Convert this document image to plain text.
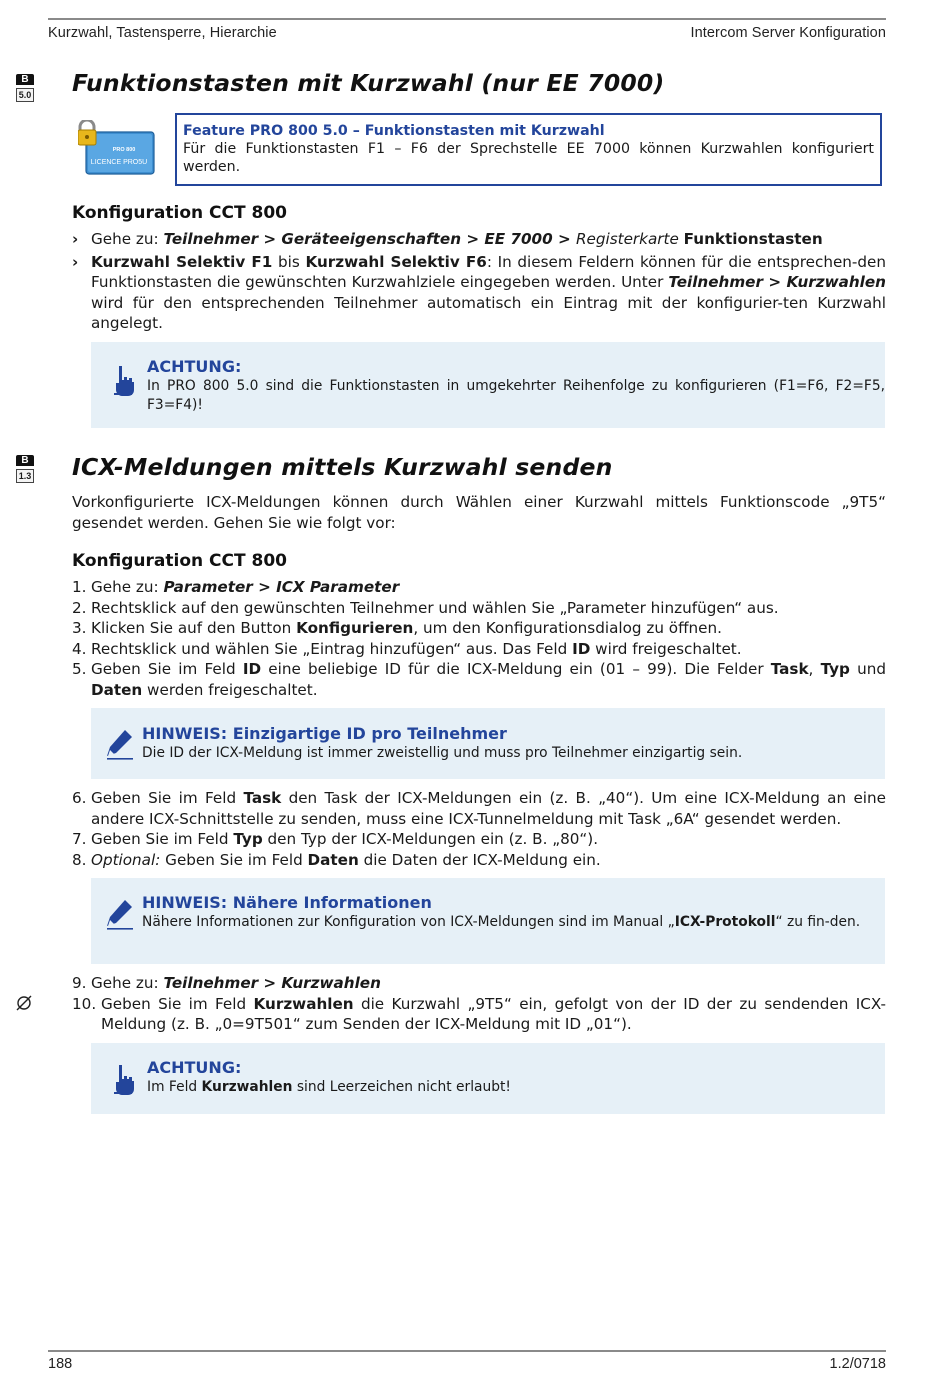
Kurzwahl, Tastensperre, Hierarchie	Intercom Server Konfiguration
B
5.0 Funktionstasten mit Kurzwahl (nur EE 7000)
PRO 800
LICENCE PRO5U
Feature PRO 800 5.0 – Funktionstasten mit Kurzwahl
Für die Funktionstasten F1 – F6 der Sprechstelle EE 7000 können Kurzwahlen konfiguriert werden.
Konfiguration CCT 800
› Gehe zu: Teilnehmer > Geräteeigenschaften > EE 7000 > Registerkarte Funktionstasten
› Kurzwahl Selektiv F1 bis Kurzwahl Selektiv F6: In diesem Feldern können für die entsprechen-den Funktionstasten die gewünschten Kurzwahlziele eingegeben werden. Unter Teilnehmer > Kurzwahlen wird für den entsprechenden Teilnehmer automatisch ein Eintrag mit der konfigurier-ten Kurzwahl angelegt.
ACHTUNG:
In PRO 800 5.0 sind die Funktionstasten in umgekehrter Reihenfolge zu konfigurieren (F1=F6, F2=F5, F3=F4)!
B
1.3 ICX-Meldungen mittels Kurzwahl senden
Vorkonfigurierte ICX-Meldungen können durch Wählen einer Kurzwahl mittels Funktionscode „9T5“ gesendet werden. Gehen Sie wie folgt vor:
Konfiguration CCT 800
1. Gehe zu: Parameter > ICX Parameter
2. Rechtsklick auf den gewünschten Teilnehmer und wählen Sie „Parameter hinzufügen“ aus.
3. Klicken Sie auf den Button Konfigurieren, um den Konfigurationsdialog zu öffnen.
4. Rechtsklick und wählen Sie „Eintrag hinzufügen“ aus. Das Feld ID wird freigeschaltet.
5. Geben Sie im Feld ID eine beliebige ID für die ICX-Meldung ein (01 – 99). Die Felder Task, Typ und Daten werden freigeschaltet.
HINWEIS: Einzigartige ID pro Teilnehmer
Die ID der ICX-Meldung ist immer zweistellig und muss pro Teilnehmer einzigartig sein.
6. Geben Sie im Feld Task den Task der ICX-Meldungen ein (z. B. „40“). Um eine ICX-Meldung an eine andere ICX-Schnittstelle zu senden, muss eine ICX-Tunnelmeldung mit Task „6A“ gesendet werden.
7. Geben Sie im Feld Typ den Typ der ICX-Meldungen ein (z. B. „80“).
8. Optional: Geben Sie im Feld Daten die Daten der ICX-Meldung ein.
HINWEIS: Nähere Informationen
Nähere Informationen zur Konfiguration von ICX-Meldungen sind im Manual „ICX-Protokoll“ zu fin-den.
9. Gehe zu: Teilnehmer > Kurzwahlen
10. Geben Sie im Feld Kurzwahlen die Kurzwahl „9T5“ ein, gefolgt von der ID der zu sendenden ICX-Meldung (z. B. „0=9T501“ zum Senden der ICX-Meldung mit ID „01“).
ACHTUNG:
Im Feld Kurzwahlen sind Leerzeichen nicht erlaubt!
188	1.2/0718
